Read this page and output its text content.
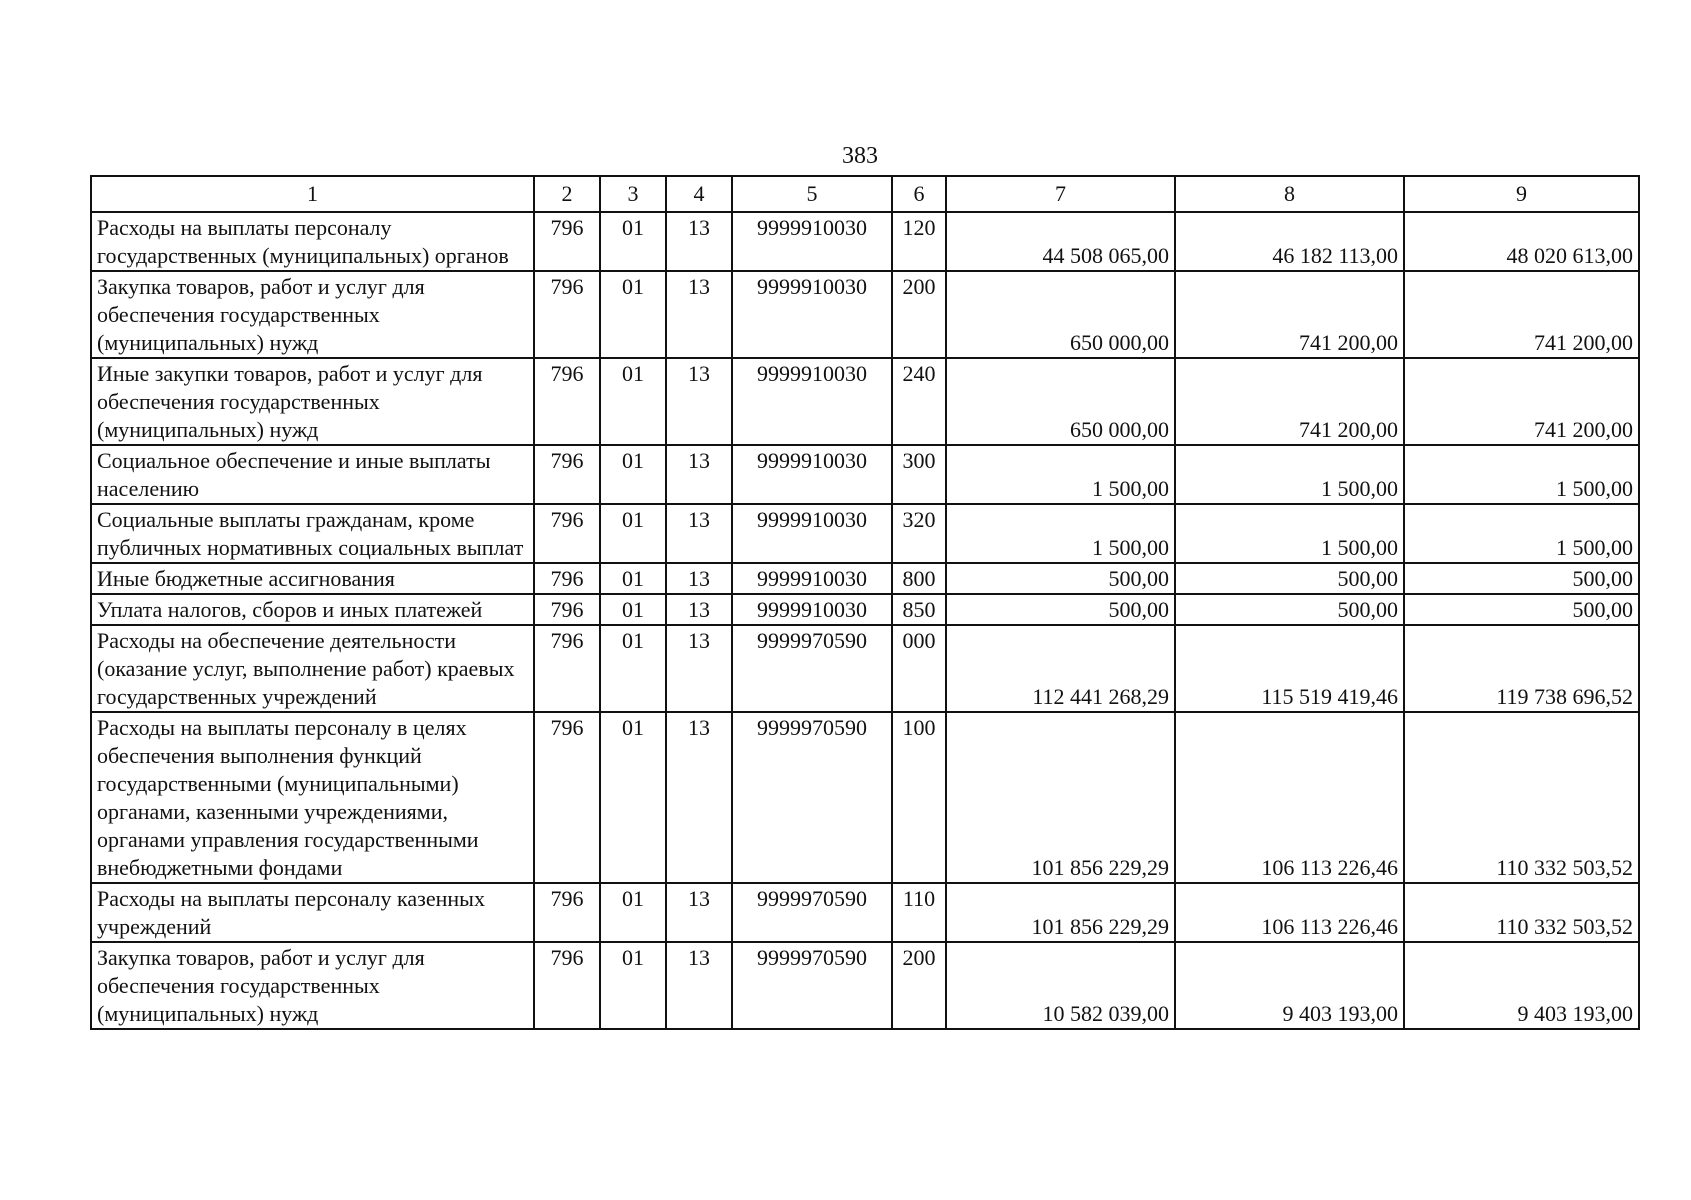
383
1	2	3	4	5	6	7	8	9
Расходы на выплаты персоналу государственных (муниципальных) органов	796	01	13	9999910030	120	44 508 065,00	46 182 113,00	48 020 613,00
Закупка товаров, работ и услуг для обеспечения государственных (муниципальных) нужд	796	01	13	9999910030	200	650 000,00	741 200,00	741 200,00
Иные закупки товаров, работ и услуг для обеспечения государственных (муниципальных) нужд	796	01	13	9999910030	240	650 000,00	741 200,00	741 200,00
Социальное обеспечение и иные выплаты населению	796	01	13	9999910030	300	1 500,00	1 500,00	1 500,00
Социальные выплаты гражданам, кроме публичных нормативных социальных выплат	796	01	13	9999910030	320	1 500,00	1 500,00	1 500,00
Иные бюджетные ассигнования	796	01	13	9999910030	800	500,00	500,00	500,00
Уплата налогов, сборов и иных платежей	796	01	13	9999910030	850	500,00	500,00	500,00
Расходы на обеспечение деятельности (оказание услуг, выполнение работ) краевых государственных учреждений	796	01	13	9999970590	000	112 441 268,29	115 519 419,46	119 738 696,52
Расходы на выплаты персоналу в целях обеспечения выполнения функций государственными (муниципальными) органами, казенными учреждениями, органами управления государственными внебюджетными фондами	796	01	13	9999970590	100	101 856 229,29	106 113 226,46	110 332 503,52
Расходы на выплаты персоналу казенных учреждений	796	01	13	9999970590	110	101 856 229,29	106 113 226,46	110 332 503,52
Закупка товаров, работ и услуг для обеспечения государственных (муниципальных) нужд	796	01	13	9999970590	200	10 582 039,00	9 403 193,00	9 403 193,00
